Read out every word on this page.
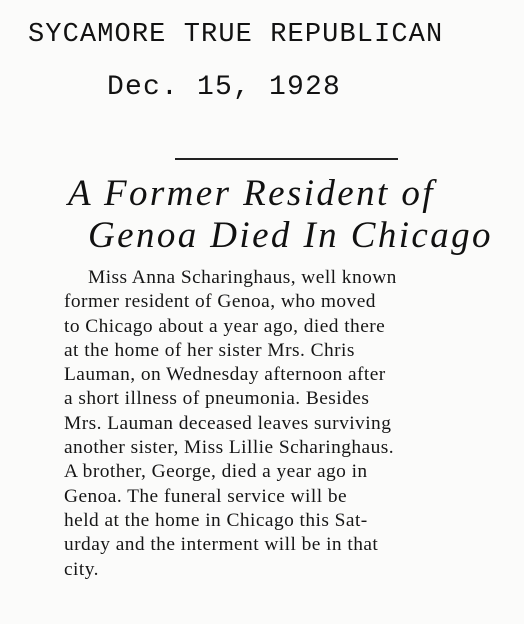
SYCAMORE TRUE REPUBLICAN
Dec. 15, 1928
A Former Resident of
Genoa Died In Chicago
Miss Anna Scharinghaus, well known
former resident of Genoa, who moved
to Chicago about a year ago, died there
at the home of her sister Mrs. Chris
Lauman, on Wednesday afternoon after
a short illness of pneumonia. Besides
Mrs. Lauman deceased leaves surviving
another sister, Miss Lillie Scharinghaus.
A brother, George, died a year ago in
Genoa. The funeral service will be
held at the home in Chicago this Sat-
urday and the interment will be in that
city.
